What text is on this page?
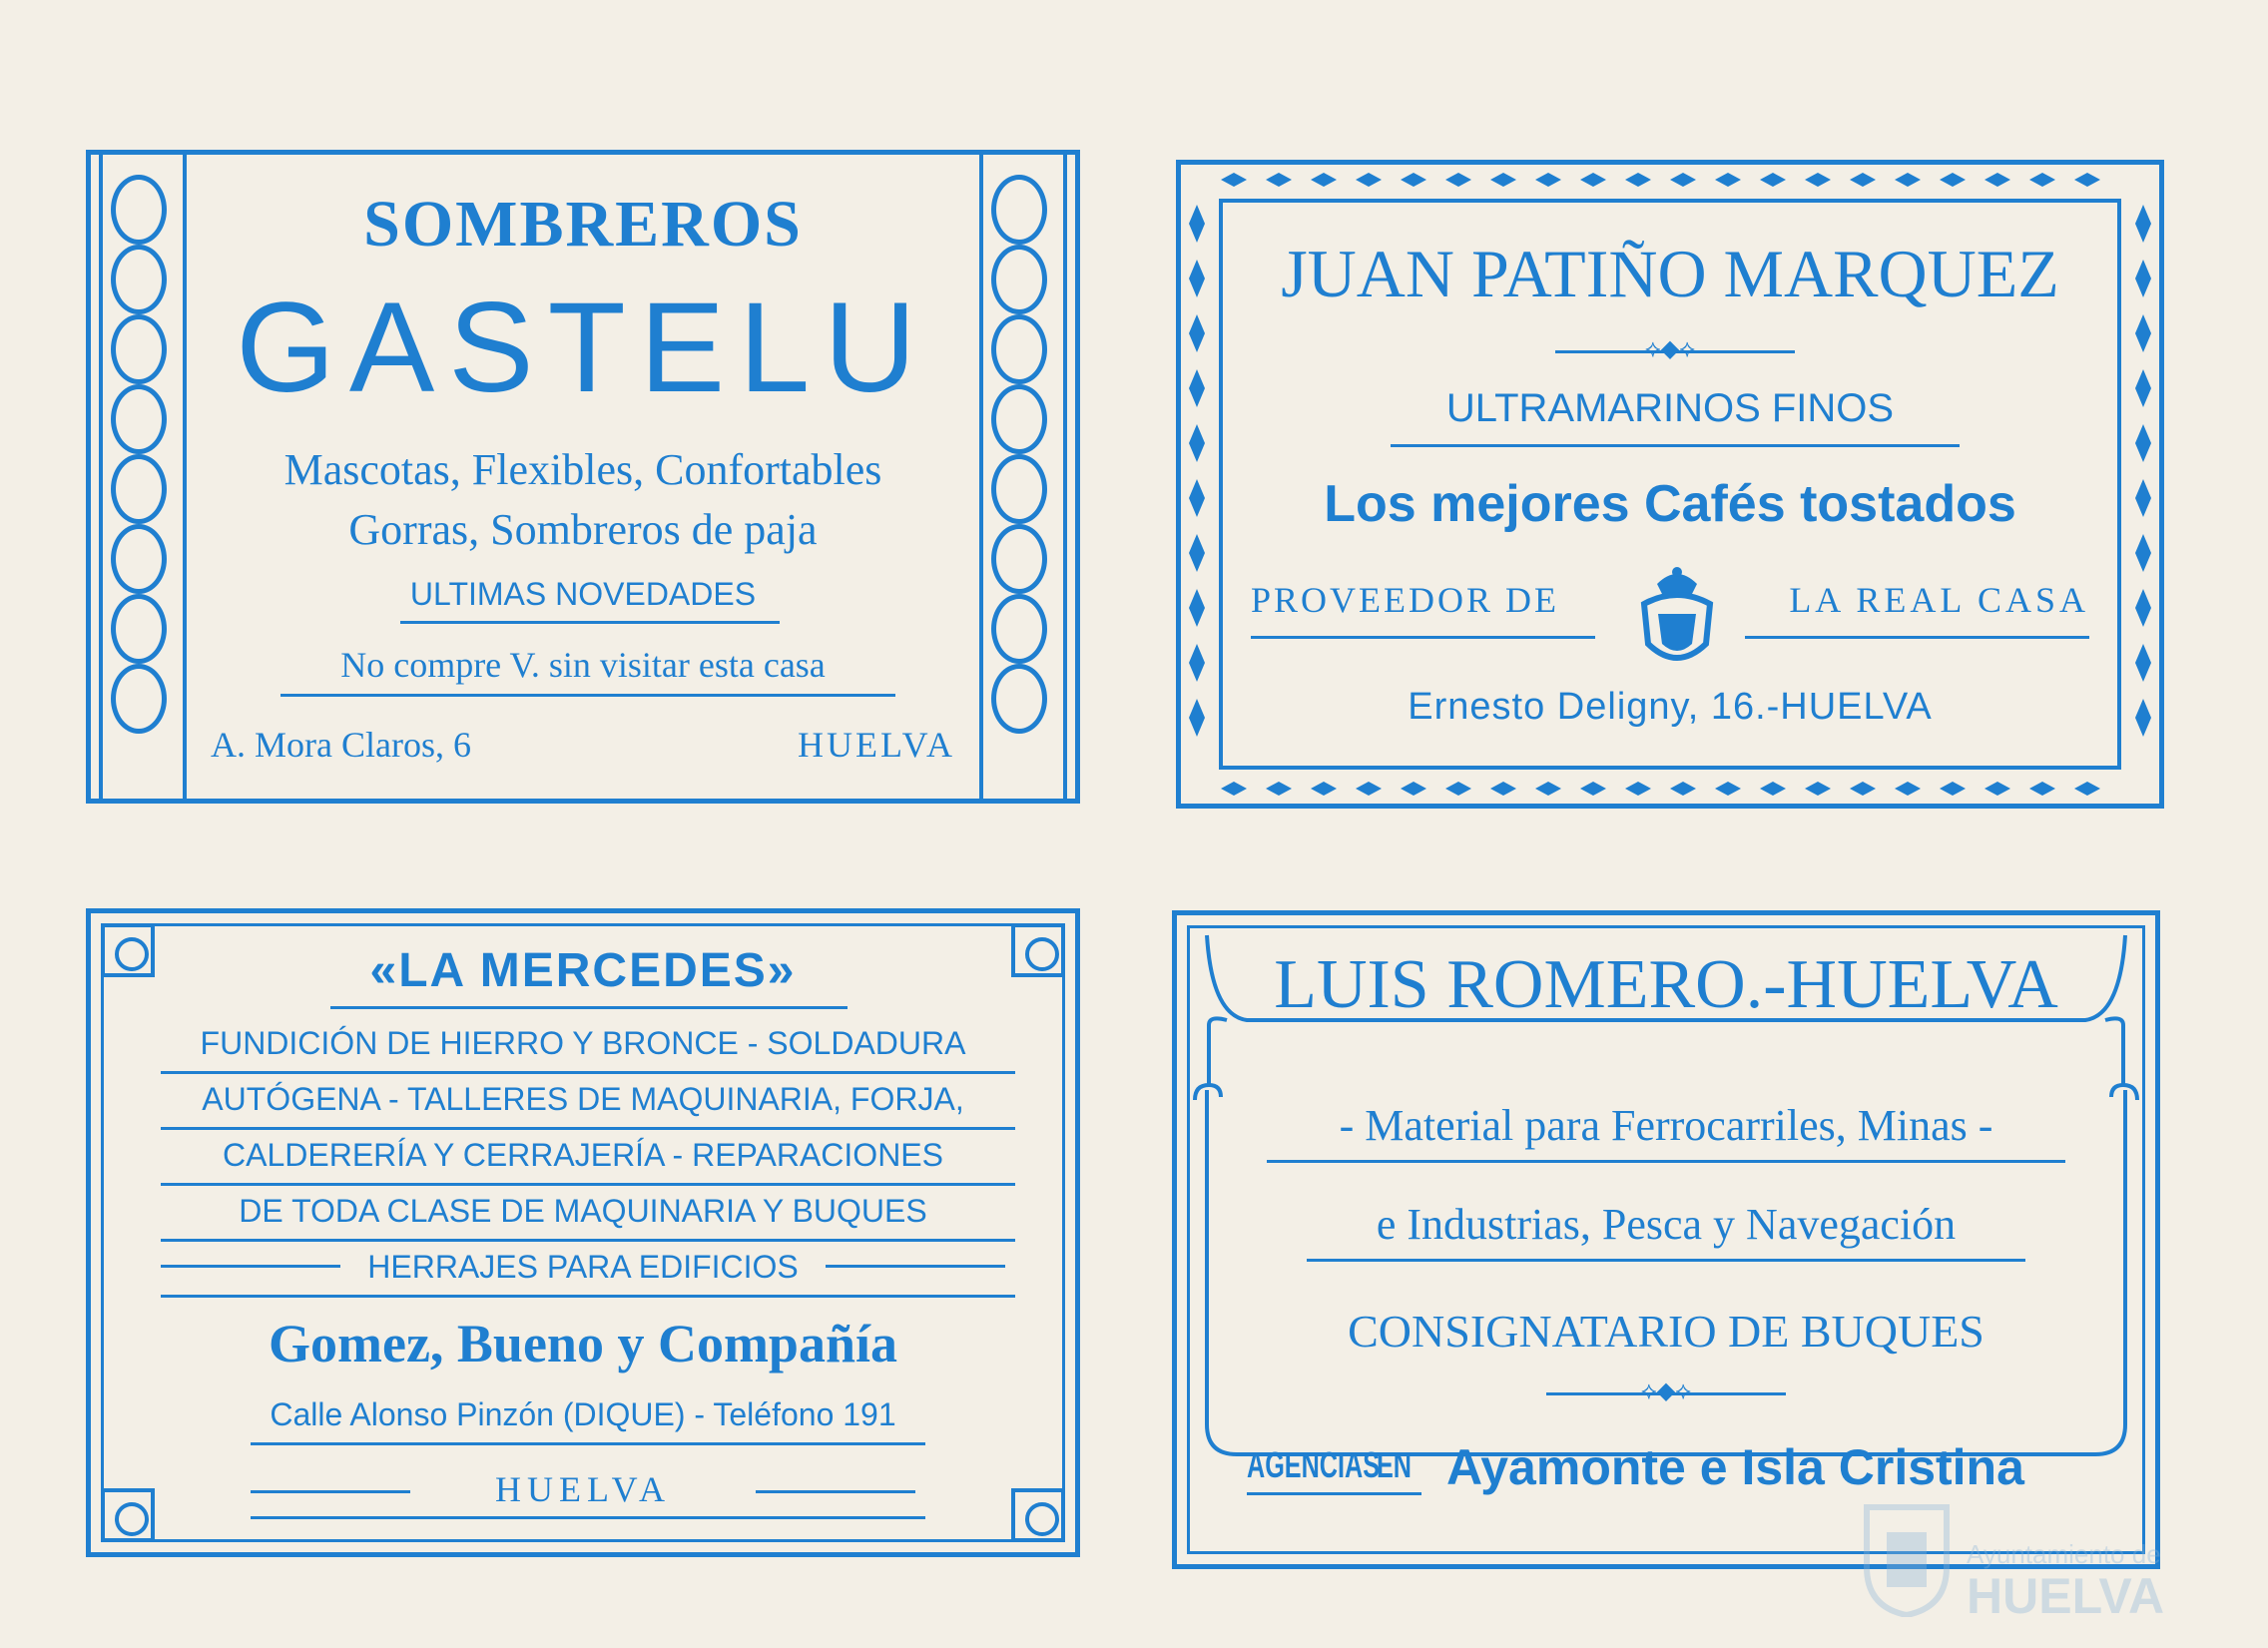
SOMBREROS
GASTELU
Mascotas, Flexibles, Confortables
Gorras, Sombreros de paja
ULTIMAS NOVEDADES
No compre V. sin visitar esta casa
A. Mora Claros, 6	HUELVA
JUAN PATIÑO MARQUEZ
⟡◆⟡
ULTRAMARINOS FINOS
Los mejores Cafés tostados
PROVEEDOR DE	LA REAL CASA
Ernesto Deligny, 16.-HUELVA
«LA MERCEDES»
FUNDICIÓN DE HIERRO Y BRONCE - SOLDADURA
AUTÓGENA - TALLERES DE MAQUINARIA, FORJA,
CALDERERÍA Y CERRAJERÍA - REPARACIONES
DE TODA CLASE DE MAQUINARIA Y BUQUES
HERRAJES PARA EDIFICIOS
Gomez, Bueno y Compañía
Calle Alonso Pinzón (DIQUE) - Teléfono 191
HUELVA
LUIS ROMERO.-HUELVA
- Material para Ferrocarriles, Minas -
e Industrias, Pesca y Navegación
CONSIGNATARIO DE BUQUES
⟡◆⟡
AGENCIAS
EN Ayamonte e Isla Cristina
Ayuntamiento de
HUELVA
